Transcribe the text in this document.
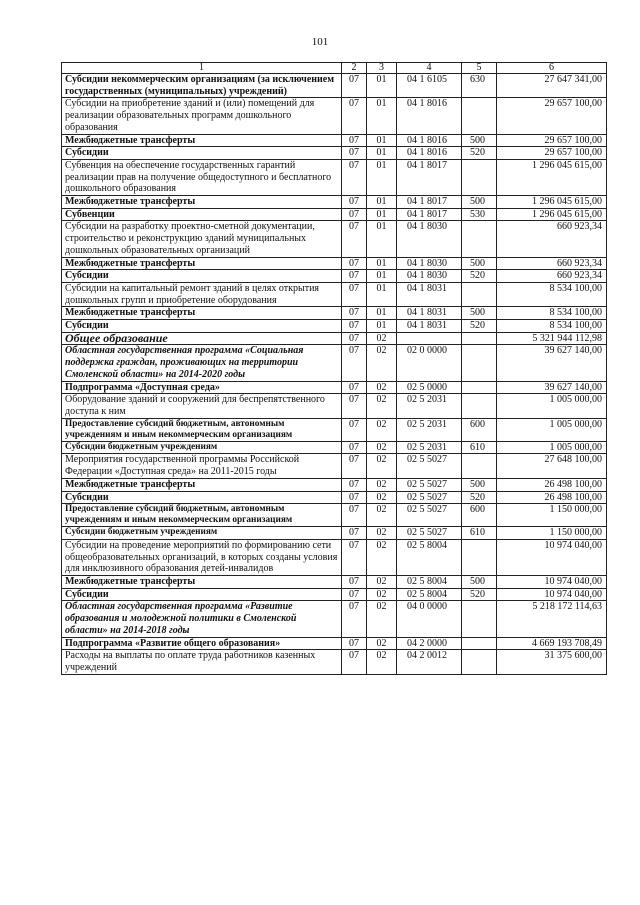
101
1	2	3	4	5	6
Субсидии некоммерческим организациям (за исключением государственных (муниципальных) учреждений)	07	01	04 1 6105	630	27 647 341,00
Субсидии на приобретение зданий и (или) помещений для реализации образовательных программ дошкольного образования	07	01	04 1 8016		29 657 100,00
Межбюджетные трансферты	07	01	04 1 8016	500	29 657 100,00
Субсидии	07	01	04 1 8016	520	29 657 100,00
Субвенция на обеспечение государственных гарантий реализации прав на получение общедоступного и бесплатного дошкольного образования	07	01	04 1 8017		1 296 045 615,00
Межбюджетные трансферты	07	01	04 1 8017	500	1 296 045 615,00
Субвенции	07	01	04 1 8017	530	1 296 045 615,00
Субсидии на разработку проектно-сметной документации, строительство и реконструкцию зданий муниципальных дошкольных образовательных организаций	07	01	04 1 8030		660 923,34
Межбюджетные трансферты	07	01	04 1 8030	500	660 923,34
Субсидии	07	01	04 1 8030	520	660 923,34
Субсидии на капитальный ремонт зданий в целях открытия дошкольных групп и приобретение оборудования	07	01	04 1 8031		8 534 100,00
Межбюджетные трансферты	07	01	04 1 8031	500	8 534 100,00
Субсидии	07	01	04 1 8031	520	8 534 100,00
Общее образование	07	02			5 321 944 112,98
Областная государственная программа «Социальная поддержка граждан, проживающих на территории Смоленской области» на 2014-2020 годы	07	02	02 0 0000		39 627 140,00
Подпрограмма «Доступная среда»	07	02	02 5 0000		39 627 140,00
Оборудование зданий и сооружений для беспрепятственного доступа к ним	07	02	02 5 2031		1 005 000,00
Предоставление субсидий бюджетным, автономным учреждениям и иным некоммерческим организациям	07	02	02 5 2031	600	1 005 000,00
Субсидии бюджетным учреждениям	07	02	02 5 2031	610	1 005 000,00
Мероприятия государственной программы Российской Федерации «Доступная среда» на 2011-2015 годы	07	02	02 5 5027		27 648 100,00
Межбюджетные трансферты	07	02	02 5 5027	500	26 498 100,00
Субсидии	07	02	02 5 5027	520	26 498 100,00
Предоставление субсидий бюджетным, автономным учреждениям и иным некоммерческим организациям	07	02	02 5 5027	600	1 150 000,00
Субсидии бюджетным учреждениям	07	02	02 5 5027	610	1 150 000,00
Субсидии на проведение мероприятий по формированию сети общеобразовательных организаций, в которых созданы условия для инклюзивного образования детей-инвалидов	07	02	02 5 8004		10 974 040,00
Межбюджетные трансферты	07	02	02 5 8004	500	10 974 040,00
Субсидии	07	02	02 5 8004	520	10 974 040,00
Областная государственная программа «Развитие образования и молодежной политики в Смоленской области» на 2014-2018 годы	07	02	04 0 0000		5 218 172 114,63
Подпрограмма «Развитие общего образования»	07	02	04 2 0000		4 669 193 708,49
Расходы на выплаты по оплате труда работников казенных учреждений	07	02	04 2 0012		31 375 600,00
